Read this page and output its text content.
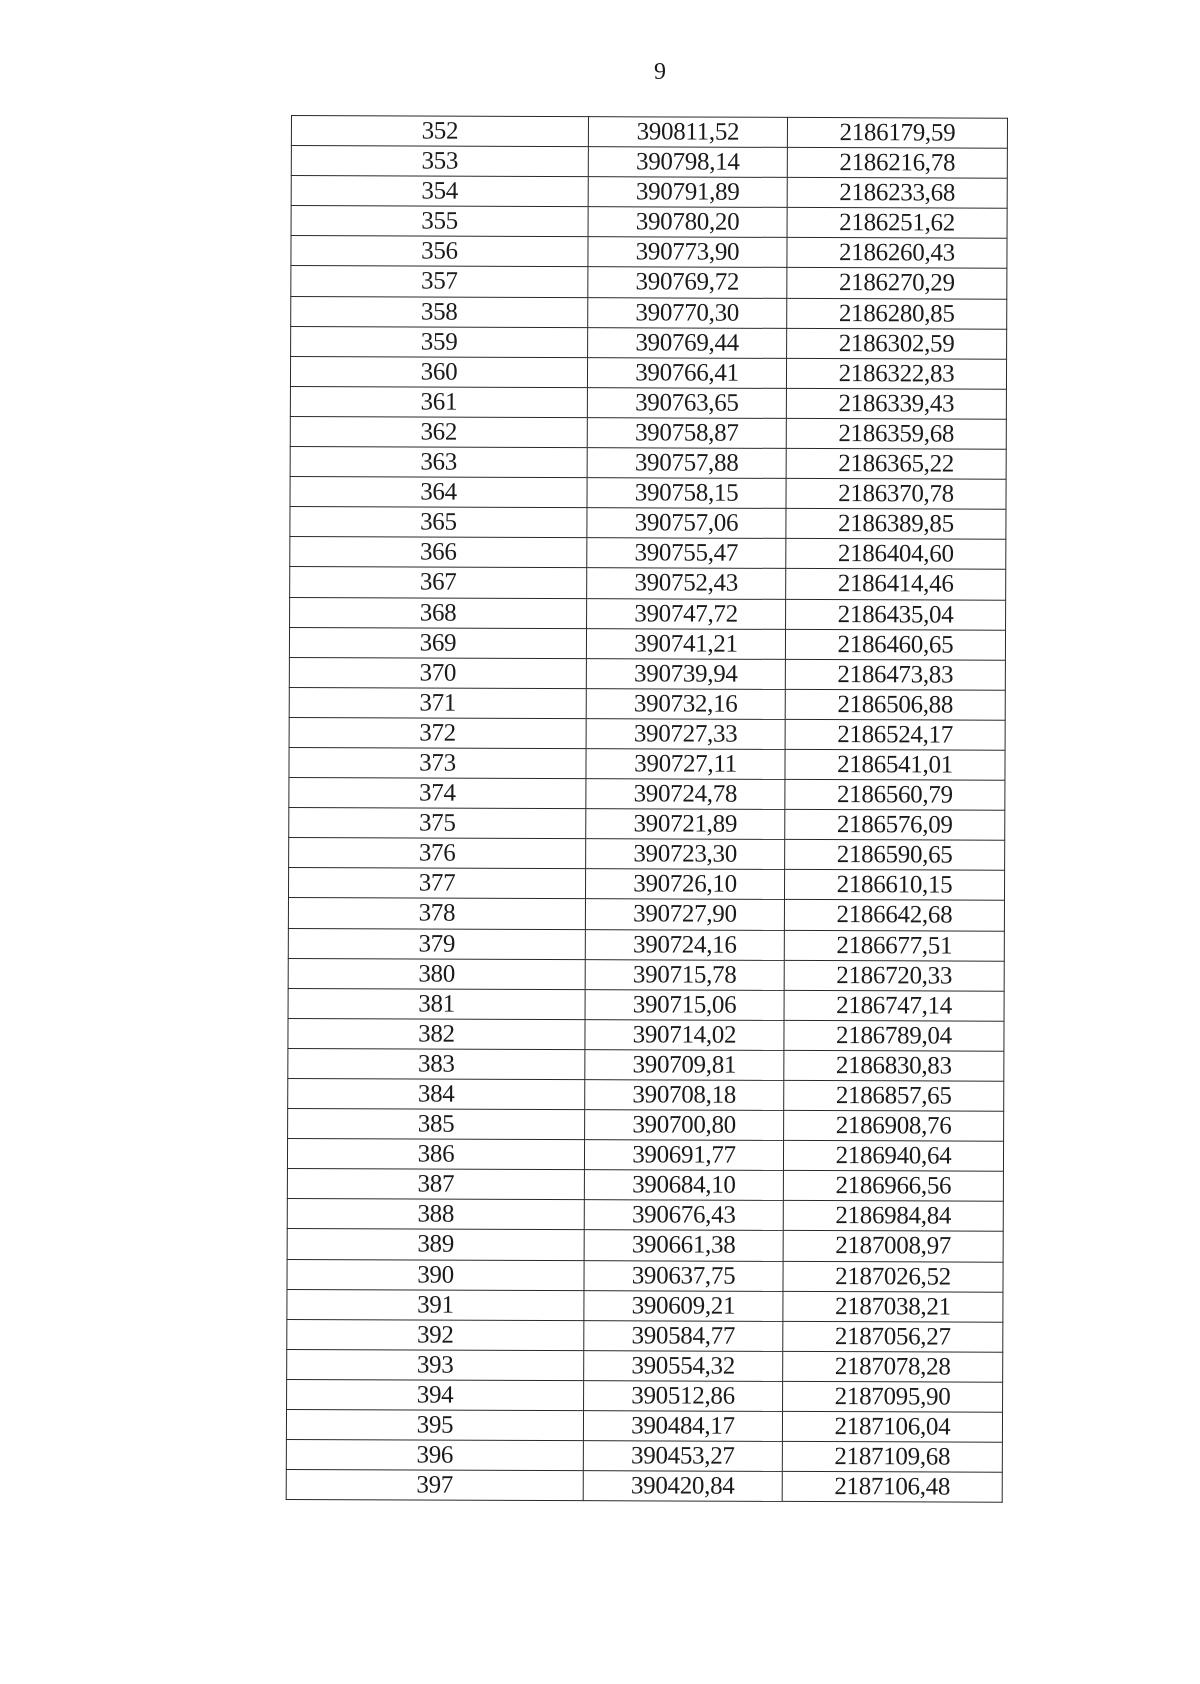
9
352	390811,52	2186179,59
353	390798,14	2186216,78
354	390791,89	2186233,68
355	390780,20	2186251,62
356	390773,90	2186260,43
357	390769,72	2186270,29
358	390770,30	2186280,85
359	390769,44	2186302,59
360	390766,41	2186322,83
361	390763,65	2186339,43
362	390758,87	2186359,68
363	390757,88	2186365,22
364	390758,15	2186370,78
365	390757,06	2186389,85
366	390755,47	2186404,60
367	390752,43	2186414,46
368	390747,72	2186435,04
369	390741,21	2186460,65
370	390739,94	2186473,83
371	390732,16	2186506,88
372	390727,33	2186524,17
373	390727,11	2186541,01
374	390724,78	2186560,79
375	390721,89	2186576,09
376	390723,30	2186590,65
377	390726,10	2186610,15
378	390727,90	2186642,68
379	390724,16	2186677,51
380	390715,78	2186720,33
381	390715,06	2186747,14
382	390714,02	2186789,04
383	390709,81	2186830,83
384	390708,18	2186857,65
385	390700,80	2186908,76
386	390691,77	2186940,64
387	390684,10	2186966,56
388	390676,43	2186984,84
389	390661,38	2187008,97
390	390637,75	2187026,52
391	390609,21	2187038,21
392	390584,77	2187056,27
393	390554,32	2187078,28
394	390512,86	2187095,90
395	390484,17	2187106,04
396	390453,27	2187109,68
397	390420,84	2187106,48
